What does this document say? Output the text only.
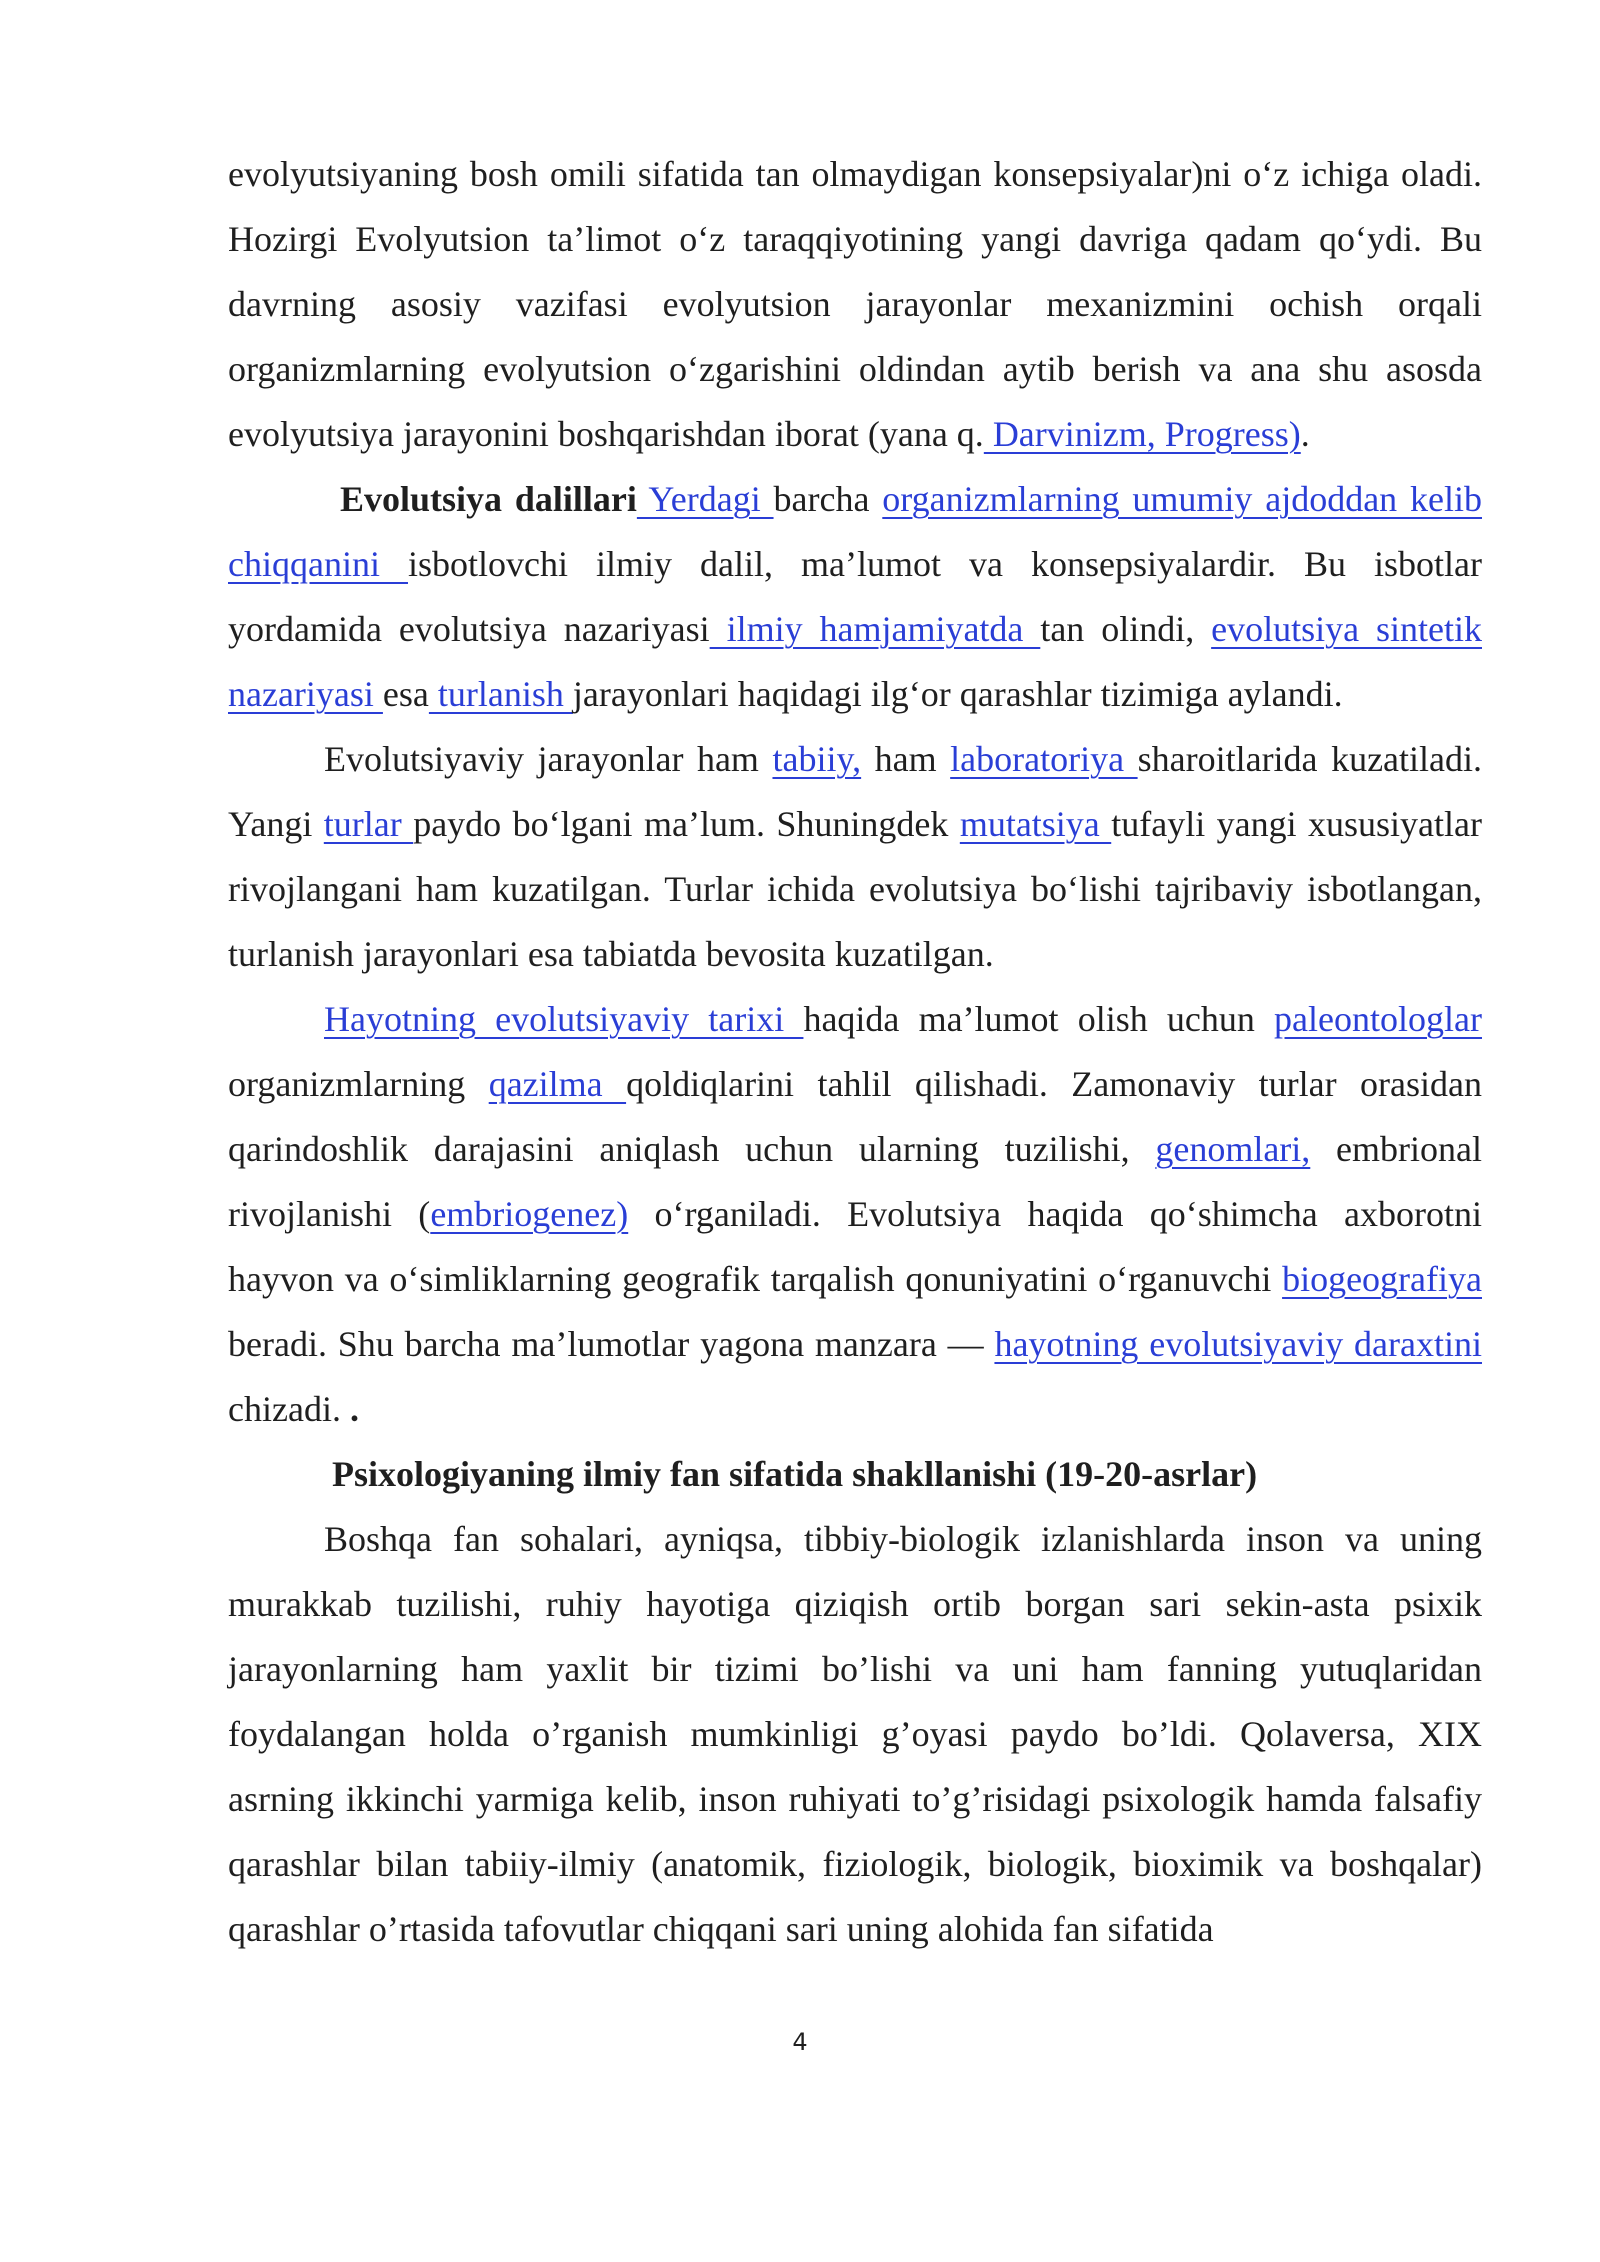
evolyutsiyaning bosh omili sifatida tan olmaydigan konsepsiyalar)ni o‘z ichiga oladi. Hozirgi Evolyutsion ta’limot o‘z taraqqiyotining yangi davriga qadam qo‘ydi. Bu davrning asosiy vazifasi evolyutsion jarayonlar mexanizmini ochish orqali organizmlarning evolyutsion o‘zgarishini oldindan aytib berish va ana shu asosda evolyutsiya jarayonini boshqarishdan iborat (yana q. Darvinizm, Progress).

Evolutsiya dalillari Yerdagi barcha organizmlarning umumiy ajdoddan kelib chiqqanini isbotlovchi ilmiy dalil, ma’lumot va konsepsiyalardir. Bu isbotlar yordamida evolutsiya nazariyasi ilmiy hamjamiyatda tan olindi, evolutsiya sintetik nazariyasi esa turlanish jarayonlari haqidagi ilg‘or qarashlar tizimiga aylandi.

Evolutsiyaviy jarayonlar ham tabiiy, ham laboratoriya sharoitlarida kuzatiladi. Yangi turlar paydo bo‘lgani ma’lum. Shuningdek mutatsiya tufayli yangi xususiyatlar rivojlangani ham kuzatilgan. Turlar ichida evolutsiya bo‘lishi tajribaviy isbotlangan, turlanish jarayonlari esa tabiatda bevosita kuzatilgan.

Hayotning evolutsiyaviy tarixi haqida ma’lumot olish uchun paleontologlar organizmlarning qazilma qoldiqlarini tahlil qilishadi. Zamonaviy turlar orasidan qarindoshlik darajasini aniqlash uchun ularning tuzilishi, genomlari, embrional rivojlanishi (embriogenez) o‘rganiladi. Evolutsiya haqida qo‘shimcha axborotni hayvon va o‘simliklarning geografik tarqalish qonuniyatini o‘rganuvchi biogeografiya beradi. Shu barcha ma’lumotlar yagona manzara — hayotning evolutsiyaviy daraxtini chizadi. .

Psixologiyaning ilmiy fan sifatida shakllanishi (19-20-asrlar)

Boshqa fan sohalari, ayniqsa, tibbiy-biologik izlanishlarda inson va uning murakkab tuzilishi, ruhiy hayotiga qiziqish ortib borgan sari sekin-asta psixik jarayonlarning ham yaxlit bir tizimi bo’lishi va uni ham fanning yutuqlaridan foydalangan holda o’rganish mumkinligi g’oyasi paydo bo’ldi. Qolaversa, XIX asrning ikkinchi yarmiga kelib, inson ruhiyati to’g’risidagi psixologik hamda falsafiy qarashlar bilan tabiiy-ilmiy (anatomik, fiziologik, biologik, bioximik va boshqalar) qarashlar o’rtasida tafovutlar chiqqani sari uning alohida fan sifatida

4
